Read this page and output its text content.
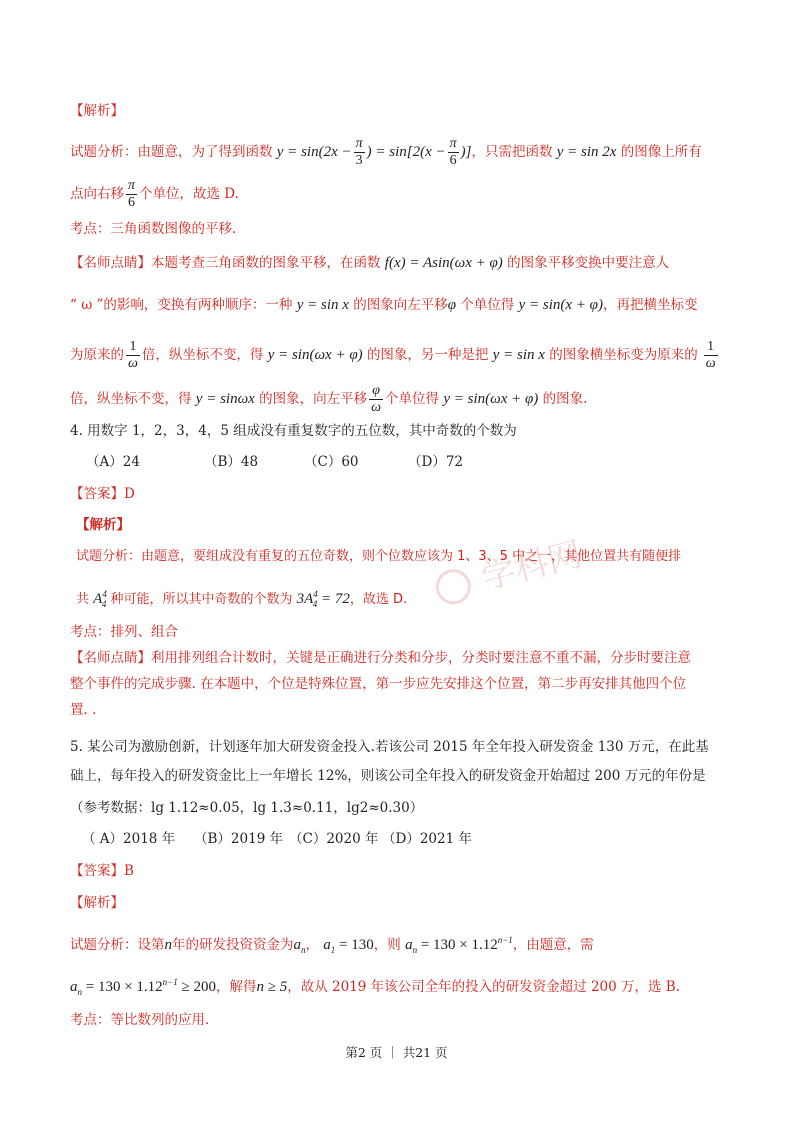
学科网
【解析】
试题分析：由题意，为了得到函数 $y = \sin(2x - \frac{\pi}{3}$ ) = $\sin[2(x - \frac{\pi}{6}$ )]，只需把函数 y = sin 2x 的图像上所有
点向右移 $\frac{\pi}{6}$ 个单位，故选 D.
考点：三角函数图像的平移.
【名师点睛】本题考查三角函数的图象平移，在函数 f(x) = Asin(ωx + φ) 的图象平移变换中要注意人
“ ω ”的影响，变换有两种顺序：一种 y = sin x 的图象向左平移φ 个单位得 y = sin(x + φ)，再把横坐标变
为原来的 $\frac{1}{\omega}$ 倍，纵坐标不变，得 y = sin(ωx + φ) 的图象，另一种是把 y = sin x 的图象横坐标变为原来的 $\frac{1}{\omega}$
倍，纵坐标不变，得 y = sinωx 的图象，向左平移 $\frac{\varphi}{\omega}$ 个单位得 y = sin(ωx + φ) 的图象.
4. 用数字 1，2，3，4，5 组成没有重复数字的五位数，其中奇数的个数为
（A）24	（B）48	（C）60	（D）72
【答案】D
【解析】
试题分析：由题意，要组成没有重复的五位奇数，则个位数应该为 1、3、5 中之一，其他位置共有随便排
共 $A^4_4$ 种可能，所以其中奇数的个数为 $3A^4_4 = 72$，故选 D.
考点：排列、组合
【名师点睛】利用排列组合计数时，关键是正确进行分类和分步，分类时要注意不重不漏，分步时要注意
整个事件的完成步骤. 在本题中，个位是特殊位置，第一步应先安排这个位置，第二步再安排其他四个位
置. .
5. 某公司为激励创新，计划逐年加大研发资金投入.若该公司 2015 年全年投入研发资金 130 万元，在此基
础上，每年投入的研发资金比上一年增长 12%，则该公司全年投入的研发资金开始超过 200 万元的年份是
（参考数据：lg 1.12≈0.05，lg 1.3≈0.11，lg2≈0.30）
（ A）2018 年 （B）2019 年 （C）2020 年 （D）2021 年
【答案】B
【解析】
试题分析：设第n年的研发投资资金为$a_n$， $a_1 = 130$，则 $a_n = 130 \times 1.12^{n-1}$，由题意，需
$a_n = 130 \times 1.12^{n-1} \ge 200$，解得n ≥ 5，故从 2019 年该公司全年的投入的研发资金超过 200 万，选 B.
考点：等比数列的应用.
第2 页 ｜ 共21 页
